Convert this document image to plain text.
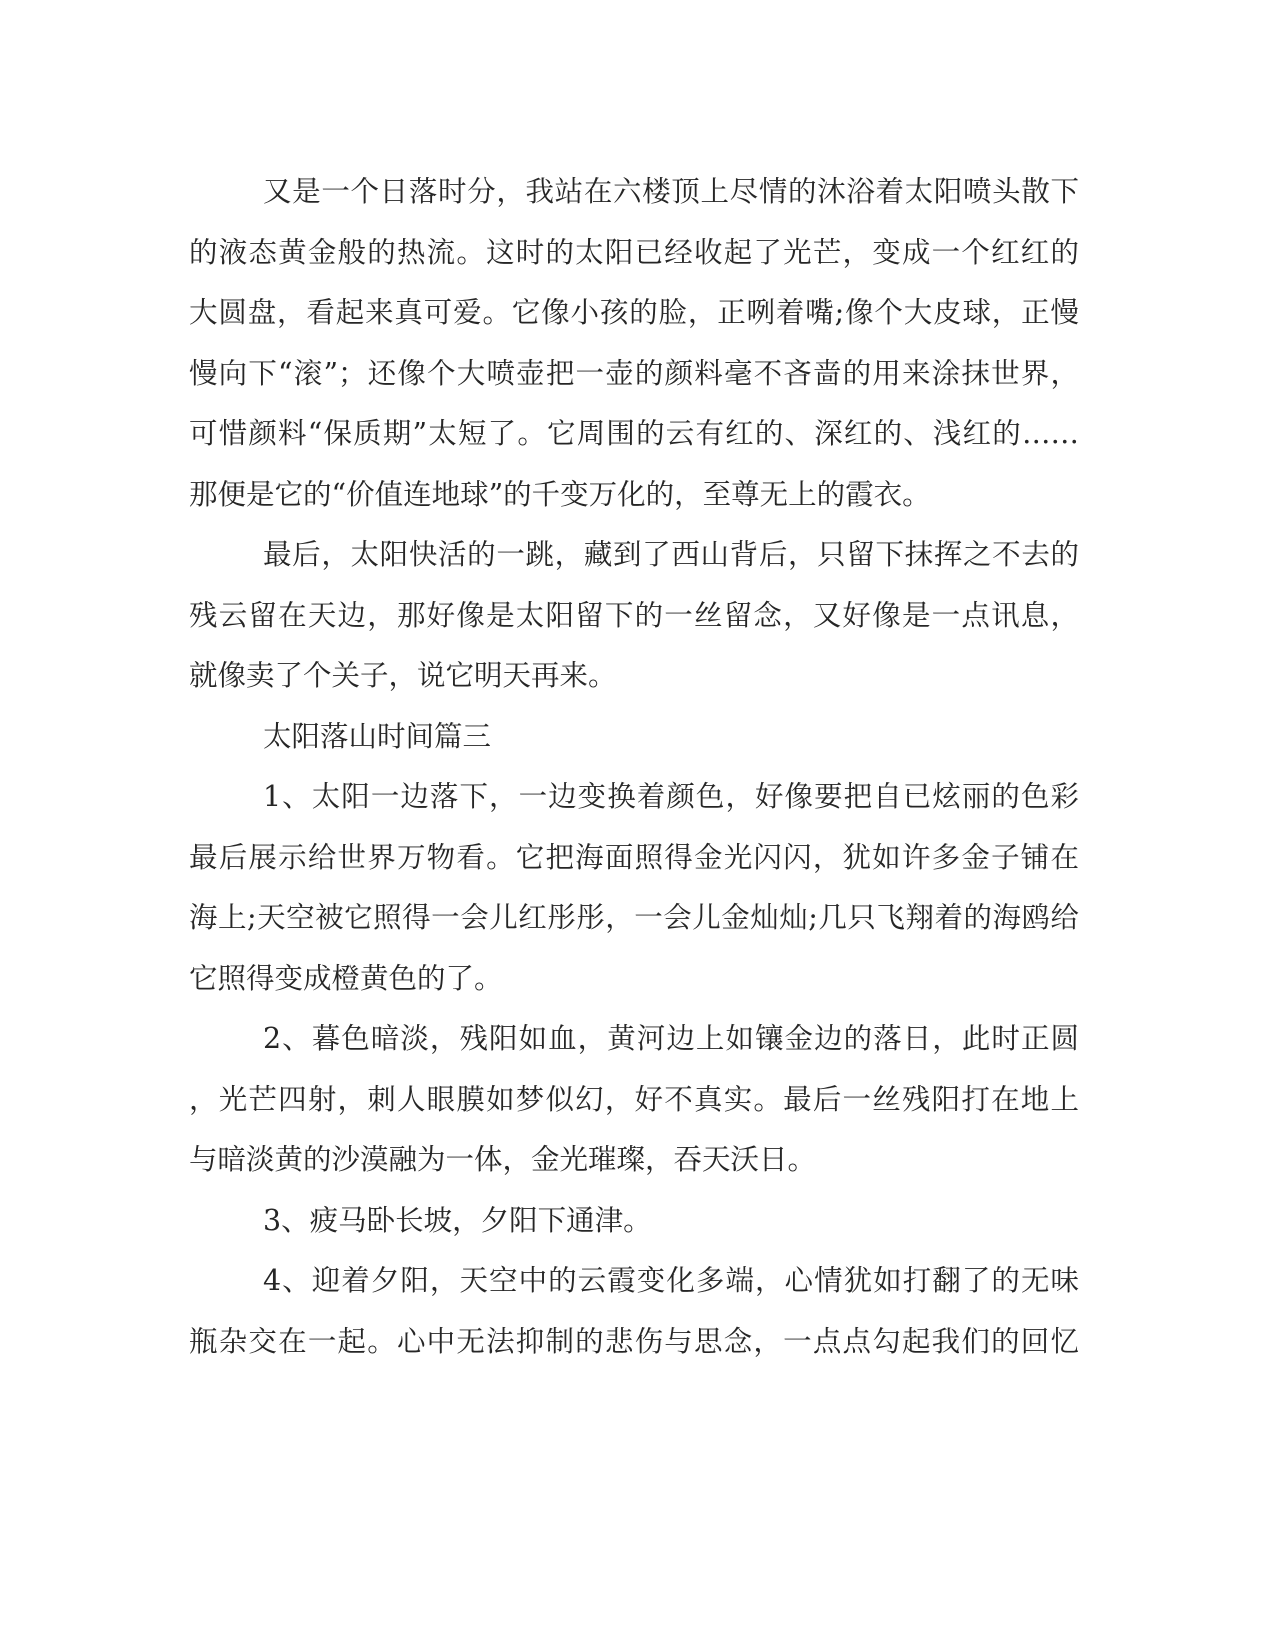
又是一个日落时分，我站在六楼顶上尽情的沐浴着太阳喷头散下
的液态黄金般的热流。这时的太阳已经收起了光芒，变成一个红红的
大圆盘，看起来真可爱。它像小孩的脸，正咧着嘴;像个大皮球，正慢
慢向下“滚”；还像个大喷壶把一壶的颜料毫不吝啬的用来涂抹世界，
可惜颜料“保质期”太短了。它周围的云有红的、深红的、浅红的……
那便是它的“价值连地球”的千变万化的，至尊无上的霞衣。
最后，太阳快活的一跳，藏到了西山背后，只留下抹挥之不去的
残云留在天边，那好像是太阳留下的一丝留念，又好像是一点讯息，
就像卖了个关子，说它明天再来。
太阳落山时间篇三
1、太阳一边落下，一边变换着颜色，好像要把自已炫丽的色彩
最后展示给世界万物看。它把海面照得金光闪闪，犹如许多金子铺在
海上;天空被它照得一会儿红彤彤，一会儿金灿灿;几只飞翔着的海鸥给
它照得变成橙黄色的了。
2、暮色暗淡，残阳如血，黄河边上如镶金边的落日，此时正圆
，光芒四射，刺人眼膜如梦似幻，好不真实。最后一丝残阳打在地上
与暗淡黄的沙漠融为一体，金光璀璨，吞天沃日。
3、疲马卧长坡，夕阳下通津。
4、迎着夕阳，天空中的云霞变化多端，心情犹如打翻了的无味
瓶杂交在一起。心中无法抑制的悲伤与思念，一点点勾起我们的回忆
